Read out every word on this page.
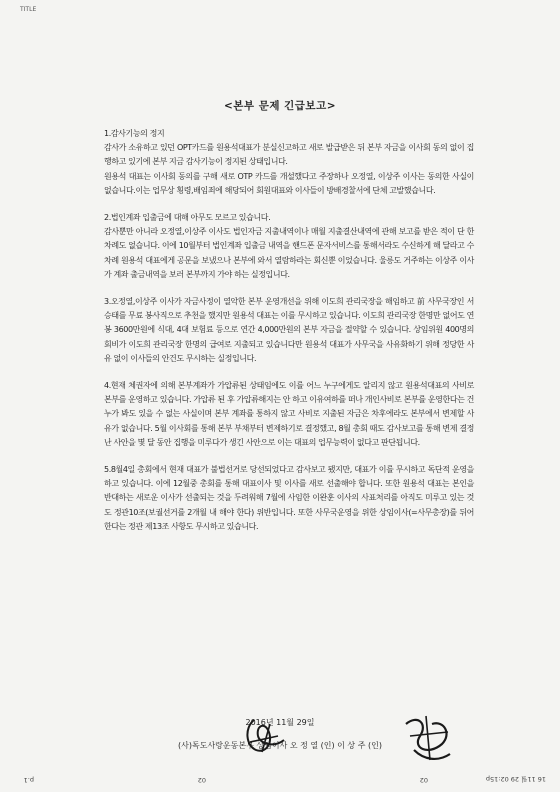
TITLE
<본부 문제 긴급보고>

1.감사기능의 정지

감사가 소유하고 있던 OPT카드를 원용석대표가 분실신고하고 새로 발급받은 뒤 본부 자금을 이사회 동의 없이 집행하고 있기에 본부 지금 감사기능이 정지된 상태입니다.

원용석 대표는 이사회 동의를 구해 새로 OTP 카드를 개설했다고 주장하나 오정열, 이상주 이사는 동의한 사실이 없습니다.이는 업무상 횡령,배임죄에 해당되어 회원대표와 이사들이 방배경찰서에 단체 고발했습니다.

2.법인계좌 입출금에 대해 아무도 모르고 있습니다.

감사뿐만 아니라 오정열,이상주 이사도 법인자금 지출내역이나 매월 지출결산내역에 관해 보고를 받은 적이 단 한 차례도 없습니다. 이에 10월부터 법인계좌 입출금 내역을 핸드폰 문자서비스를 통해서라도 수신하게 해 달라고 수차례 원용석 대표에게 공문을 보냈으나 본부에 와서 열람하라는 회신뿐 이었습니다. 울릉도 거주하는 이상주 이사가 계좌 출금내역을 보러 본부까지 가야 하는 실정입니다.

3.오정열,이상주 이사가 자금사정이 열악한 본부 운영개선을 위해 이도희 관리국장을 해임하고 前 사무국장인 서승태를 무료 봉사직으로 추천을 했지만 원용석 대표는 이를 무시하고 있습니다. 이도희 관리국장 한명만 없어도 연봉 3600만원에 식대, 4대 보험료 등으로 연간 4,000만원의 본부 자금을 절약할 수 있습니다. 상임위원 400명의 회비가 이도희 관리국장 한명의 급여로 지출되고 있습니다만 원용석 대표가 사무국을 사유화하기 위해 정당한 사유 없이 이사들의 안건도 무시하는 실정입니다.

4.현재 체권자에 의해 본부계좌가 가압류된 상태임에도 이를 어느 누구에게도 알리지 않고 원용석대표의 사비로 본부를 운영하고 있습니다. 가압류 된 후 가압류해지는 안 하고 이유여하를 떠나 개인사비로 본부를 운영한다는 건 누가 봐도 있을 수 없는 사실이며 본부 계좌를 통하지 않고 사비로 지출된 자금은 차후에라도 본부에서 변제할 사유가 없습니다. 5월 이사회를 통해 본부 부채부터 변제하기로 결정했고, 8월 총회 때도 감사보고를 통해 변제 결정 난 사안을 몇 달 동안 집행을 미루다가 생긴 사안으로 이는 대표의 업무능력이 없다고 판단됩니다.

5.8월4일 총회에서 현재 대표가 불법선거로 당선되었다고 감사보고 됐지만, 대표가 이를 무시하고 독단적 운영을 하고 있습니다. 이에 12월중 총회를 통해 대표이사 및 이사를 새로 선출해야 합니다. 또한 원용석 대표는 본인을 반대하는 새로운 이사가 선출되는 것을 두려워해 7월에 사임한 이완훈 이사의 사표처리를 아직도 미루고 있는 것도 정관10조(보궐선거를 2개월 내 해야 한다) 위반입니다. 또한 사무국운영을 위한 상임이사(=사무총장)를 뒤어한다는 정관 제13조 사항도 무시하고 있습니다.

2016년 11월 29일
(사)독도사랑운동본부 상임이사 오 정 열 (인) 이 상 주 (인)
16 11월 29 02:15p
02
02
p.1
